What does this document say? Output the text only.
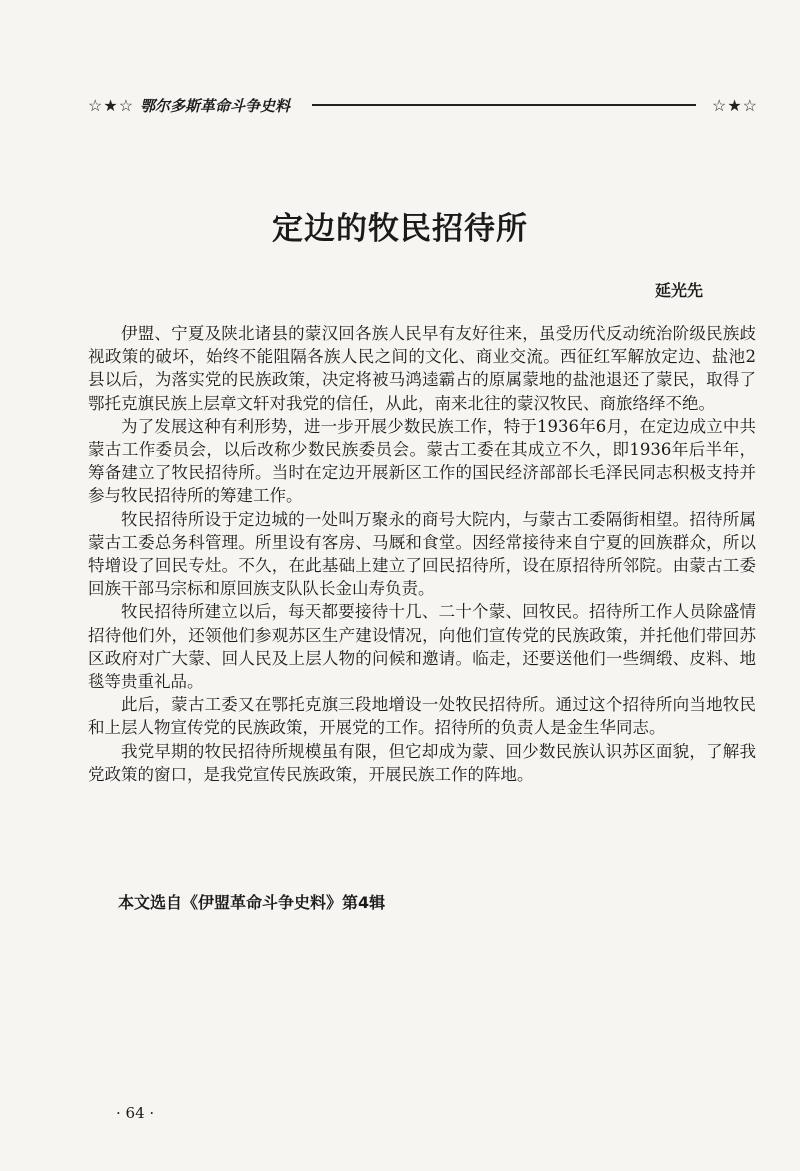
☆★☆ 鄂尔多斯革命斗争史料	☆★☆
定边的牧民招待所
延光先

伊盟、宁夏及陕北诸县的蒙汉回各族人民早有友好往来，虽受历代反动统治阶级民族歧视政策的破坏，始终不能阻隔各族人民之间的文化、商业交流。西征红军解放定边、盐池2县以后，为落实党的民族政策，决定将被马鸿逵霸占的原属蒙地的盐池退还了蒙民，取得了鄂托克旗民族上层章文轩对我党的信任，从此，南来北往的蒙汉牧民、商旅络绎不绝。

为了发展这种有利形势，进一步开展少数民族工作，特于1936年6月，在定边成立中共蒙古工作委员会，以后改称少数民族委员会。蒙古工委在其成立不久，即1936年后半年，筹备建立了牧民招待所。当时在定边开展新区工作的国民经济部部长毛泽民同志积极支持并参与牧民招待所的筹建工作。

牧民招待所设于定边城的一处叫万聚永的商号大院内，与蒙古工委隔街相望。招待所属蒙古工委总务科管理。所里设有客房、马厩和食堂。因经常接待来自宁夏的回族群众，所以特增设了回民专灶。不久，在此基础上建立了回民招待所，设在原招待所邻院。由蒙古工委回族干部马宗标和原回族支队队长金山寿负责。

牧民招待所建立以后，每天都要接待十几、二十个蒙、回牧民。招待所工作人员除盛情招待他们外，还领他们参观苏区生产建设情况，向他们宣传党的民族政策，并托他们带回苏区政府对广大蒙、回人民及上层人物的问候和邀请。临走，还要送他们一些绸缎、皮料、地毯等贵重礼品。

此后，蒙古工委又在鄂托克旗三段地增设一处牧民招待所。通过这个招待所向当地牧民和上层人物宣传党的民族政策，开展党的工作。招待所的负责人是金生华同志。

我党早期的牧民招待所规模虽有限，但它却成为蒙、回少数民族认识苏区面貌，了解我党政策的窗口，是我党宣传民族政策，开展民族工作的阵地。

本文选自《伊盟革命斗争史料》第4辑
· 64 ·
